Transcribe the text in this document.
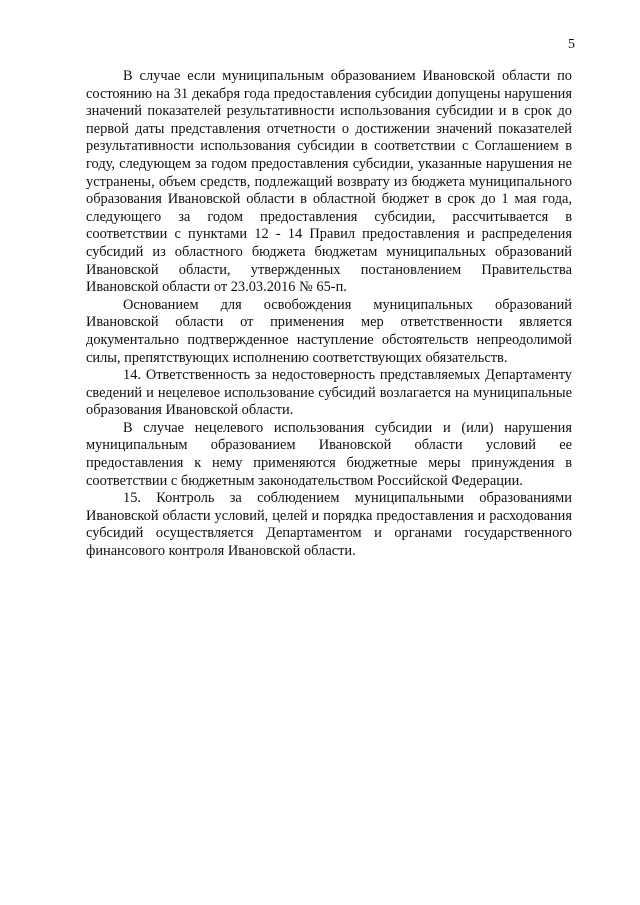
5

В случае если муниципальным образованием Ивановской области по состоянию на 31 декабря года предоставления субсидии допущены нарушения значений показателей результативности использования субсидии и в срок до первой даты представления отчетности о достижении значений показателей результативности использования субсидии в соответствии с Соглашением в году, следующем за годом предоставления субсидии, указанные нарушения не устранены, объем средств, подлежащий возврату из бюджета муниципального образования Ивановской области в областной бюджет в срок до 1 мая года, следующего за годом предоставления субсидии, рассчитывается в соответствии с пунктами 12 - 14 Правил предоставления и распределения субсидий из областного бюджета бюджетам муниципальных образований Ивановской области, утвержденных постановлением Правительства Ивановской области от 23.03.2016 № 65-п.

Основанием для освобождения муниципальных образований Ивановской области от применения мер ответственности является документально подтвержденное наступление обстоятельств непреодолимой силы, препятствующих исполнению соответствующих обязательств.

14. Ответственность за недостоверность представляемых Департаменту сведений и нецелевое использование субсидий возлагается на муниципальные образования Ивановской области.

В случае нецелевого использования субсидии и (или) нарушения муниципальным образованием Ивановской области условий ее предоставления к нему применяются бюджетные меры принуждения в соответствии с бюджетным законодательством Российской Федерации.

15. Контроль за соблюдением муниципальными образованиями Ивановской области условий, целей и порядка предоставления и расходования субсидий осуществляется Департаментом и органами государственного финансового контроля Ивановской области.
